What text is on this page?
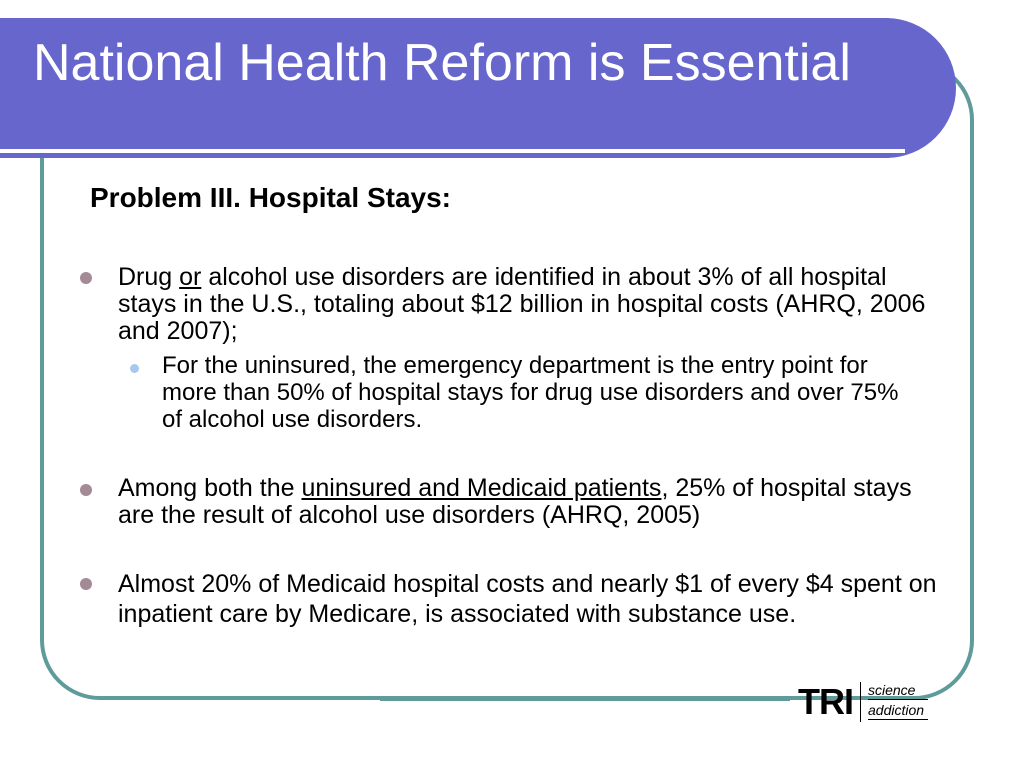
National Health Reform is Essential
Problem III. Hospital Stays:
Drug or alcohol use disorders are identified in about 3% of all hospital stays in the U.S., totaling about $12 billion in hospital costs (AHRQ, 2006 and 2007);
For the uninsured, the emergency department is the entry point for more than 50% of hospital stays for drug use disorders and over 75% of alcohol use disorders.
Among both the uninsured and Medicaid patients, 25% of hospital stays are the result of alcohol use disorders (AHRQ, 2005)
Almost 20% of Medicaid hospital costs and nearly $1 of every $4 spent on inpatient care by Medicare, is associated with substance use.
TRI science
addiction
